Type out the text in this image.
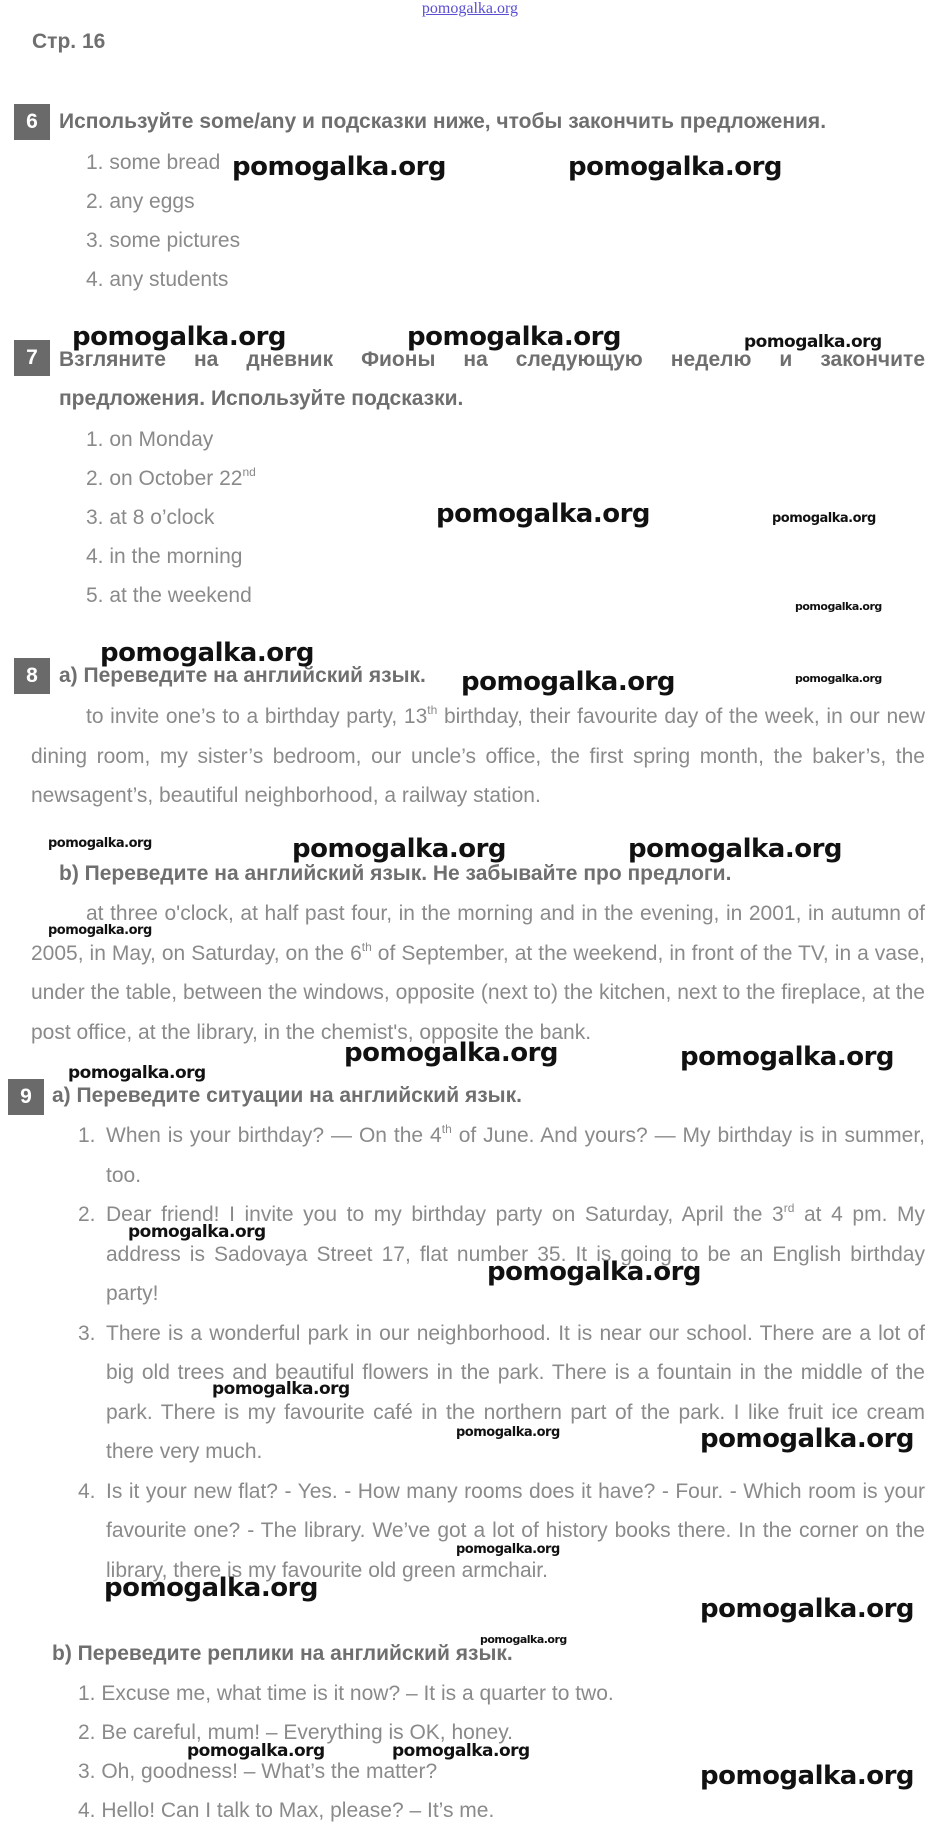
pomogalka.org
Стр. 16
6	Используйте some/any и подсказки ниже, чтобы закончить предложения.
1. some bread
2. any eggs
3. some pictures
4. any students
7	Взгляните на дневник Фионы на следующую неделю и закончите
предложения. Используйте подсказки.
1. on Monday
2. on October 22nd
3. at 8 o’clock
4. in the morning
5. at the weekend
8	a) Переведите на английский язык.

to invite one’s to a birthday party, 13th birthday, their favourite day of the week, in our new dining room, my sister’s bedroom, our uncle’s office, the first spring month, the baker’s, the newsagent’s, beautiful neighborhood, a railway station.

b) Переведите на английский язык. Не забывайте про предлоги.

at three o'clock, at half past four, in the morning and in the evening, in 2001, in autumn of 2005, in May, on Saturday, on the 6th of September, at the weekend, in front of the TV, in a vase, under the table, between the windows, opposite (next to) the kitchen, next to the fireplace, at the post office, at the library, in the chemist's, opposite the bank.

9 a) Переведите ситуации на английский язык.
1. When is your birthday? — On the 4th of June. And yours? — My birthday is in summer, too.
2. Dear friend! I invite you to my birthday party on Saturday, April the 3rd at 4 pm. My address is Sadovaya Street 17, flat number 35. It is going to be an English birthday party!
3. There is a wonderful park in our neighborhood. It is near our school. There are a lot of big old trees and beautiful flowers in the park. There is a fountain in the middle of the park. There is my favourite café in the northern part of the park. I like fruit ice cream there very much.
4. Is it your new flat? - Yes. - How many rooms does it have? - Four. - Which room is your favourite one? - The library. We’ve got a lot of history books there. In the corner on the library, there is my favourite old green armchair.
b) Переведите реплики на английский язык.
1. Excuse me, what time is it now? – It is a quarter to two.
2. Be careful, mum! – Everything is OK, honey.
3. Oh, goodness! – What’s the matter?
4. Hello! Can I talk to Max, please? – It’s me.
pomogalka.org	pomogalka.org
pomogalka.org	pomogalka.org	pomogalka.org
pomogalka.org	pomogalka.org
pomogalka.org
pomogalka.org
pomogalka.org	pomogalka.org
pomogalka.org	pomogalka.org	pomogalka.org
pomogalka.org
pomogalka.org	pomogalka.org
pomogalka.org
pomogalka.org
pomogalka.org
pomogalka.org
pomogalka.org	pomogalka.org
pomogalka.org
pomogalka.org
pomogalka.org
pomogalka.org
pomogalka.org	pomogalka.org
pomogalka.org
